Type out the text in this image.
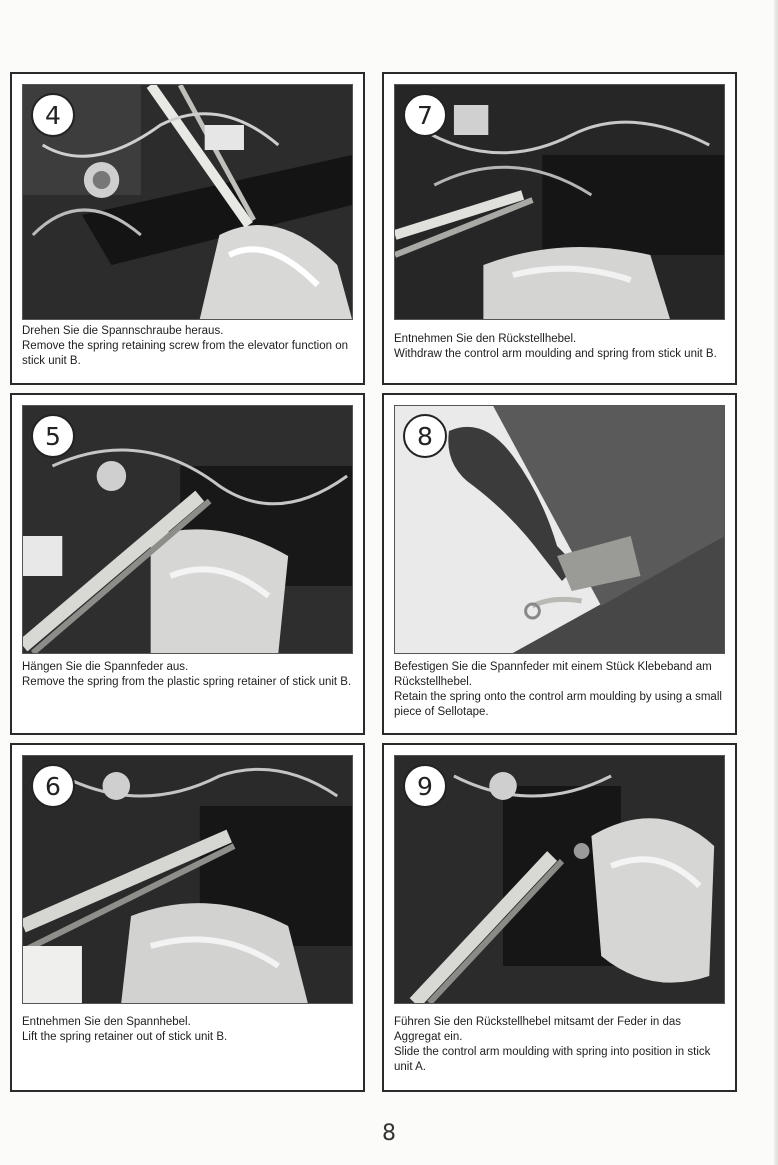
4

Drehen Sie die Spannschraube heraus.

Remove the spring retaining screw from the elevator function on stick unit B.

7

Entnehmen Sie den Rückstellhebel.

Withdraw the control arm moulding and spring from stick unit B.

5

Hängen Sie die Spannfeder aus.

Remove the spring from the plastic spring retainer of stick unit B.

8

Befestigen Sie die Spannfeder mit einem Stück Klebeband am Rückstellhebel.

Retain the spring onto the control arm moulding by using a small piece of Sellotape.

6

Entnehmen Sie den Spannhebel.

Lift the spring retainer out of stick unit B.

9

Führen Sie den Rückstellhebel mitsamt der Feder in das Aggregat ein.

Slide the control arm moulding with spring into position in stick unit A.

8
